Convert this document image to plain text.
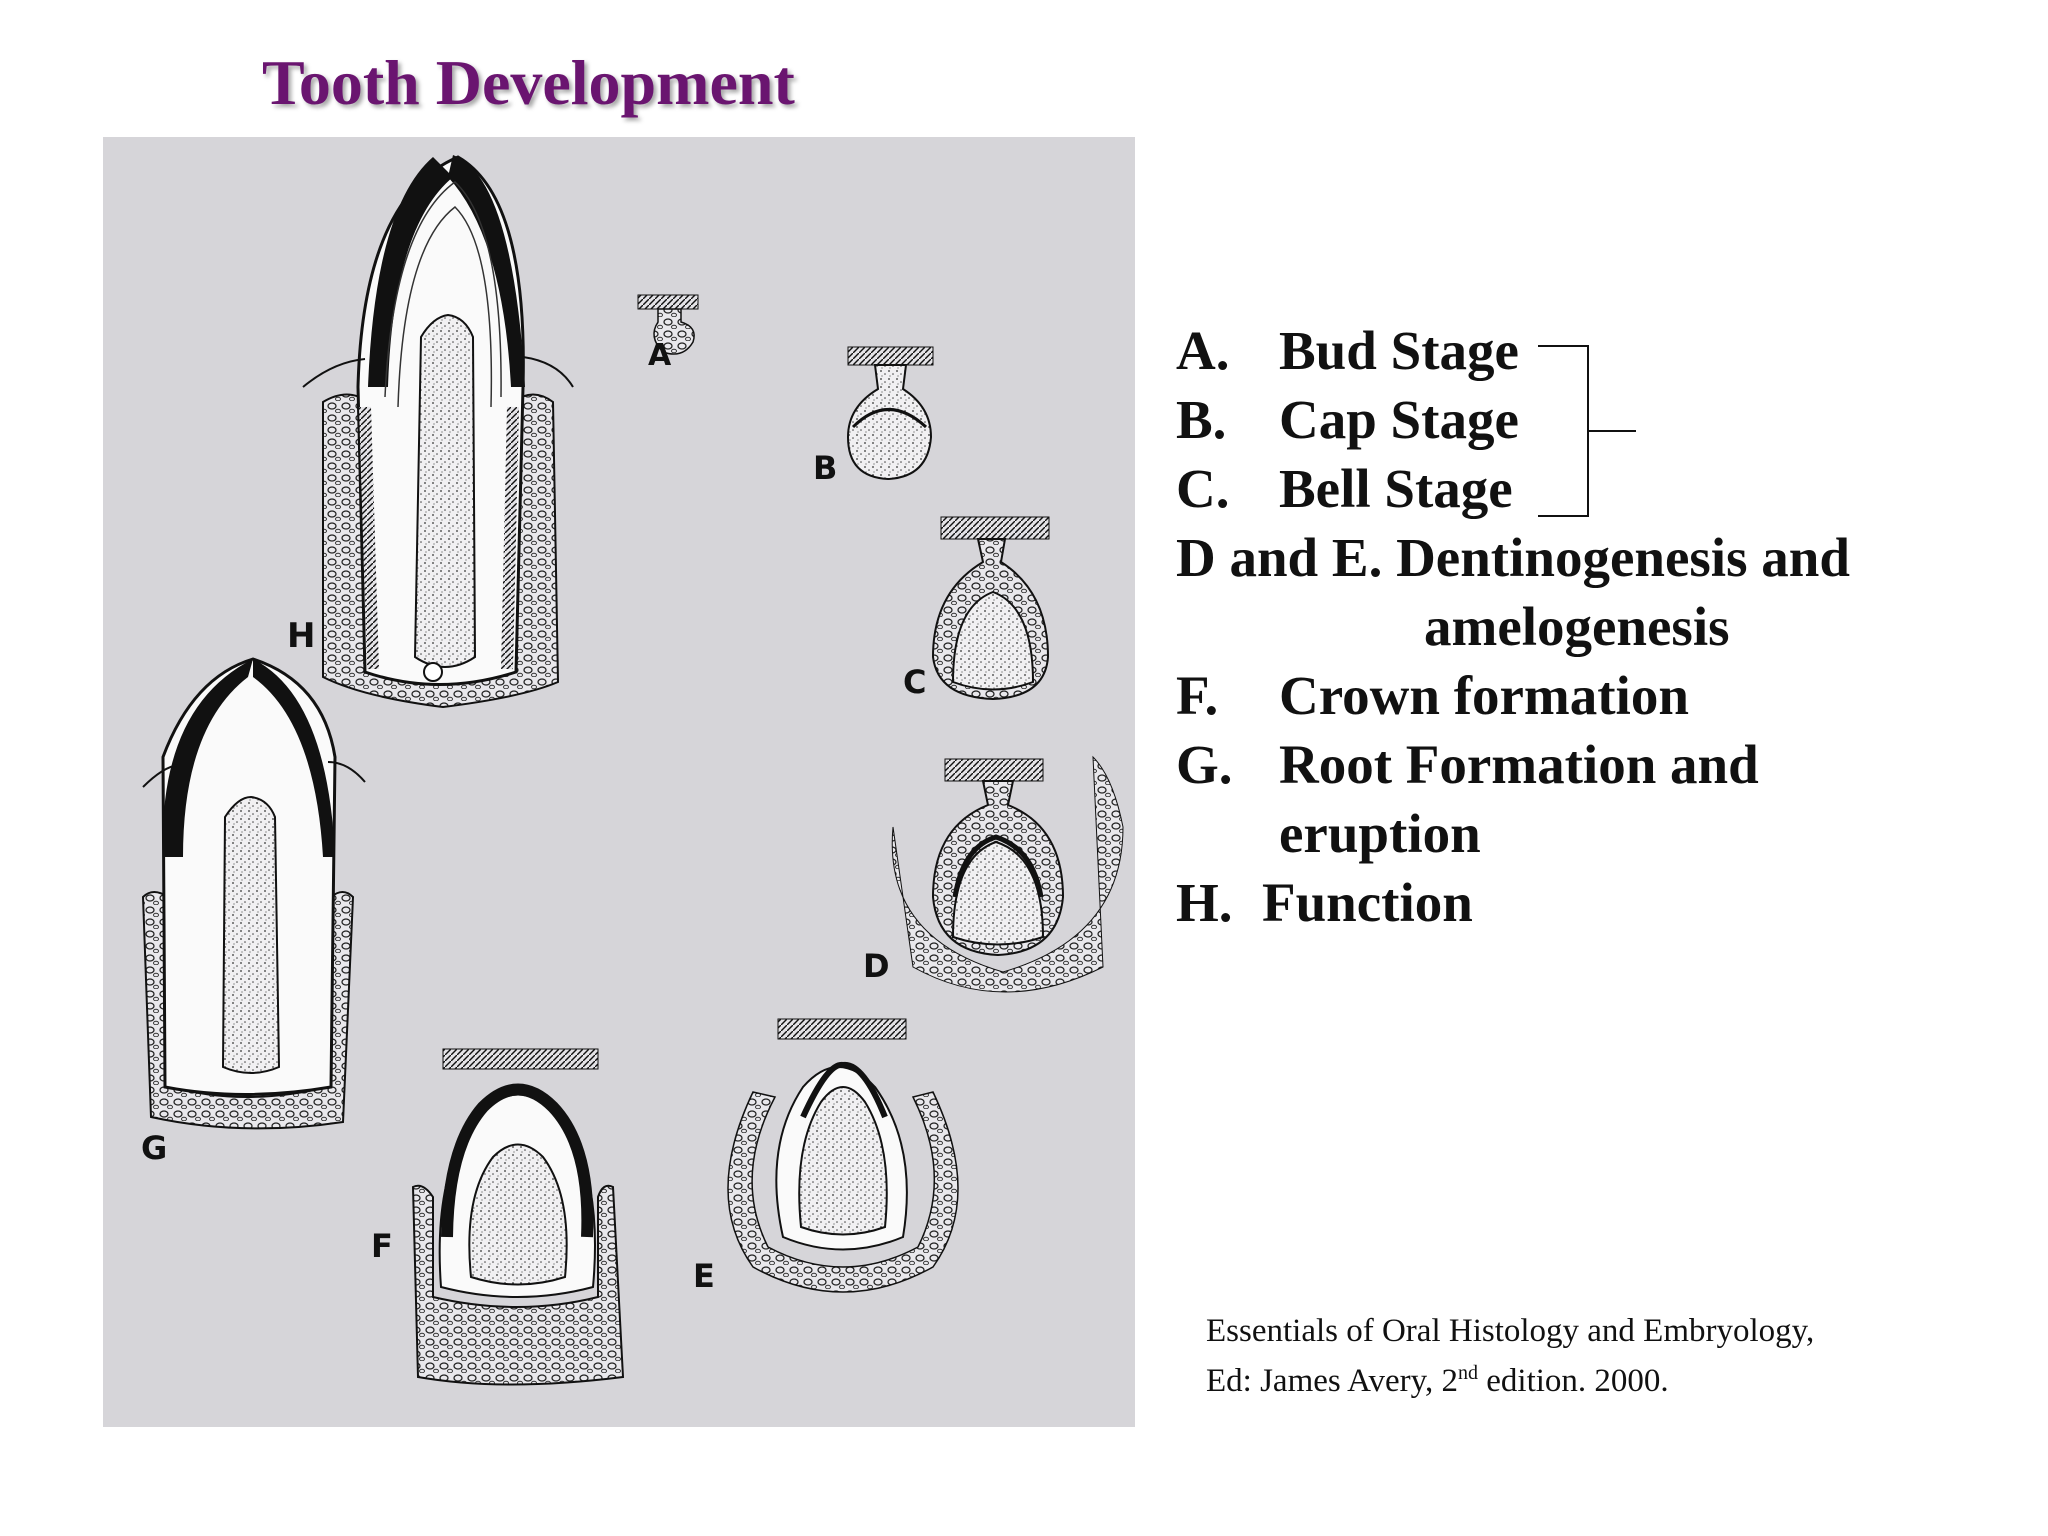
Tooth Development
H
A
B
C
D
E
F
G
A. Bud Stage
B. Cap Stage
C. Bell Stage
D and E. Dentinogenesis and
amelogenesis
F. Crown formation
G. Root Formation and
eruption
H. Function
Essentials of Oral Histology and Embryology,
Ed: James Avery, 2nd edition. 2000.
